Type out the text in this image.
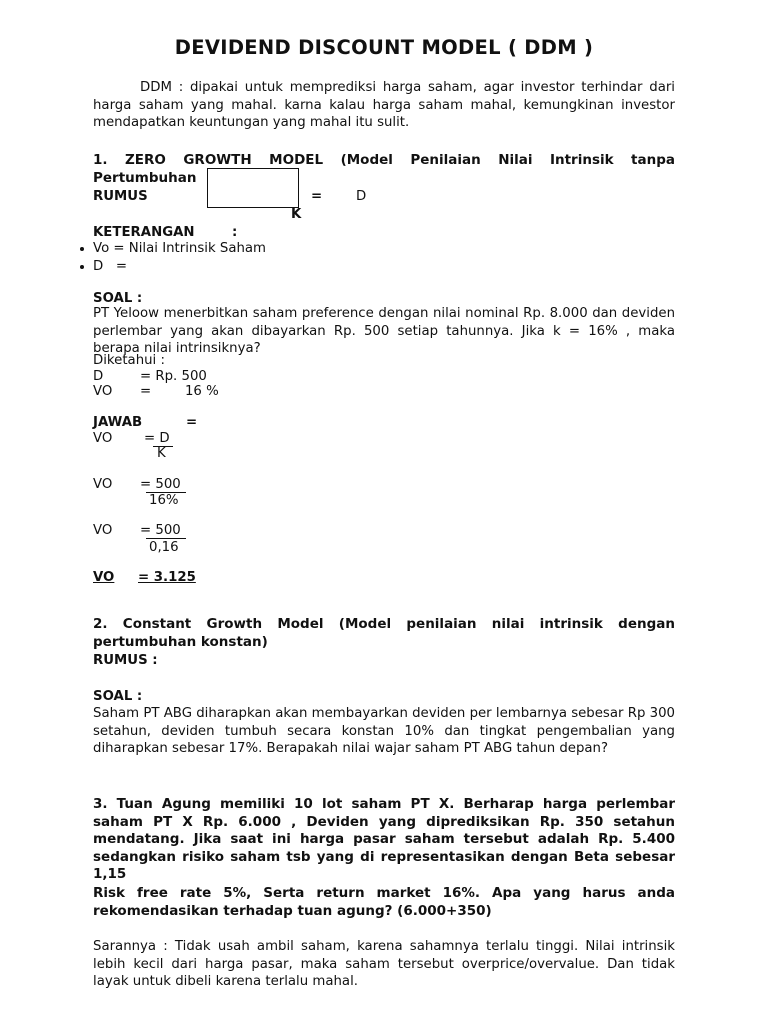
DEVIDEND DISCOUNT MODEL ( DDM )
DDM : dipakai untuk memprediksi harga saham, agar investor terhindar dari harga saham yang mahal. karna kalau harga saham mahal, kemungkinan investor mendapatkan keuntungan yang mahal itu sulit.
1. ZERO GROWTH MODEL (Model Penilaian Nilai Intrinsik tanpa Pertumbuhan
RUMUS	=	D
K
KETERANGAN	:
Vo = Nilai Intrinsik Saham
D   =
SOAL :
PT Yeloow menerbitkan saham preference dengan nilai nominal Rp. 8.000 dan deviden perlembar yang akan dibayarkan Rp. 500 setiap tahunnya. Jika k = 16% , maka berapa nilai intrinsiknya?
Diketahui :
D	= Rp. 500
VO =        16 %
JAWAB	=
VO = D
K
VO = 500
16%
VO = 500
0,16
VO = 3.125
2. Constant Growth Model (Model penilaian nilai intrinsik dengan pertumbuhan konstan)
RUMUS :
SOAL :
Saham PT ABG diharapkan akan membayarkan deviden per lembarnya sebesar Rp 300 setahun, deviden tumbuh secara konstan 10% dan tingkat pengembalian yang diharapkan sebesar 17%. Berapakah nilai wajar saham PT ABG tahun depan?
3. Tuan Agung memiliki 10 lot saham PT X. Berharap harga perlembar saham PT X Rp. 6.000 , Deviden yang diprediksikan Rp. 350 setahun mendatang. Jika saat ini harga pasar saham tersebut adalah Rp. 5.400 sedangkan risiko saham tsb yang di representasikan dengan Beta sebesar 1,15
Risk free rate 5%, Serta return market 16%. Apa yang harus anda rekomendasikan terhadap tuan agung? (6.000+350)
Sarannya : Tidak usah ambil saham, karena sahamnya terlalu tinggi. Nilai intrinsik lebih kecil dari harga pasar, maka saham tersebut overprice/overvalue. Dan tidak layak untuk dibeli karena terlalu mahal.
